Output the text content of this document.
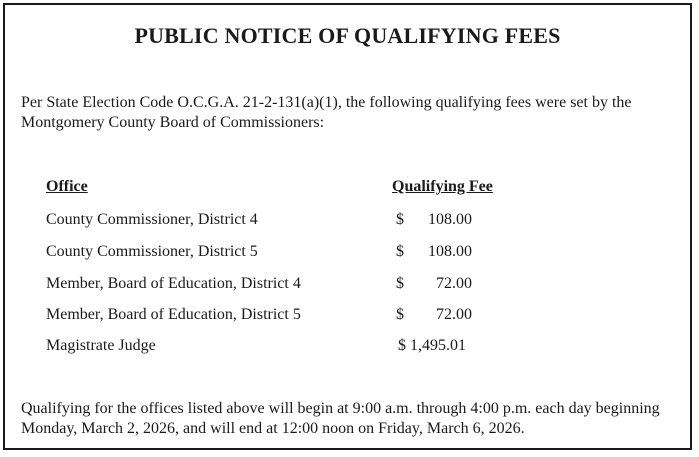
PUBLIC NOTICE OF QUALIFYING FEES
Per State Election Code O.C.G.A. 21-2-131(a)(1), the following qualifying fees were set by the Montgomery County Board of Commissioners:
Office	Qualifying Fee
County Commissioner, District 4	$ 108.00
County Commissioner, District 5	$ 108.00
Member, Board of Education, District 4	$ 72.00
Member, Board of Education, District 5	$ 72.00
Magistrate Judge	$ 1,495.01
Qualifying for the offices listed above will begin at 9:00 a.m. through 4:00 p.m. each day beginning Monday, March 2, 2026, and will end at 12:00 noon on Friday, March 6, 2026.
